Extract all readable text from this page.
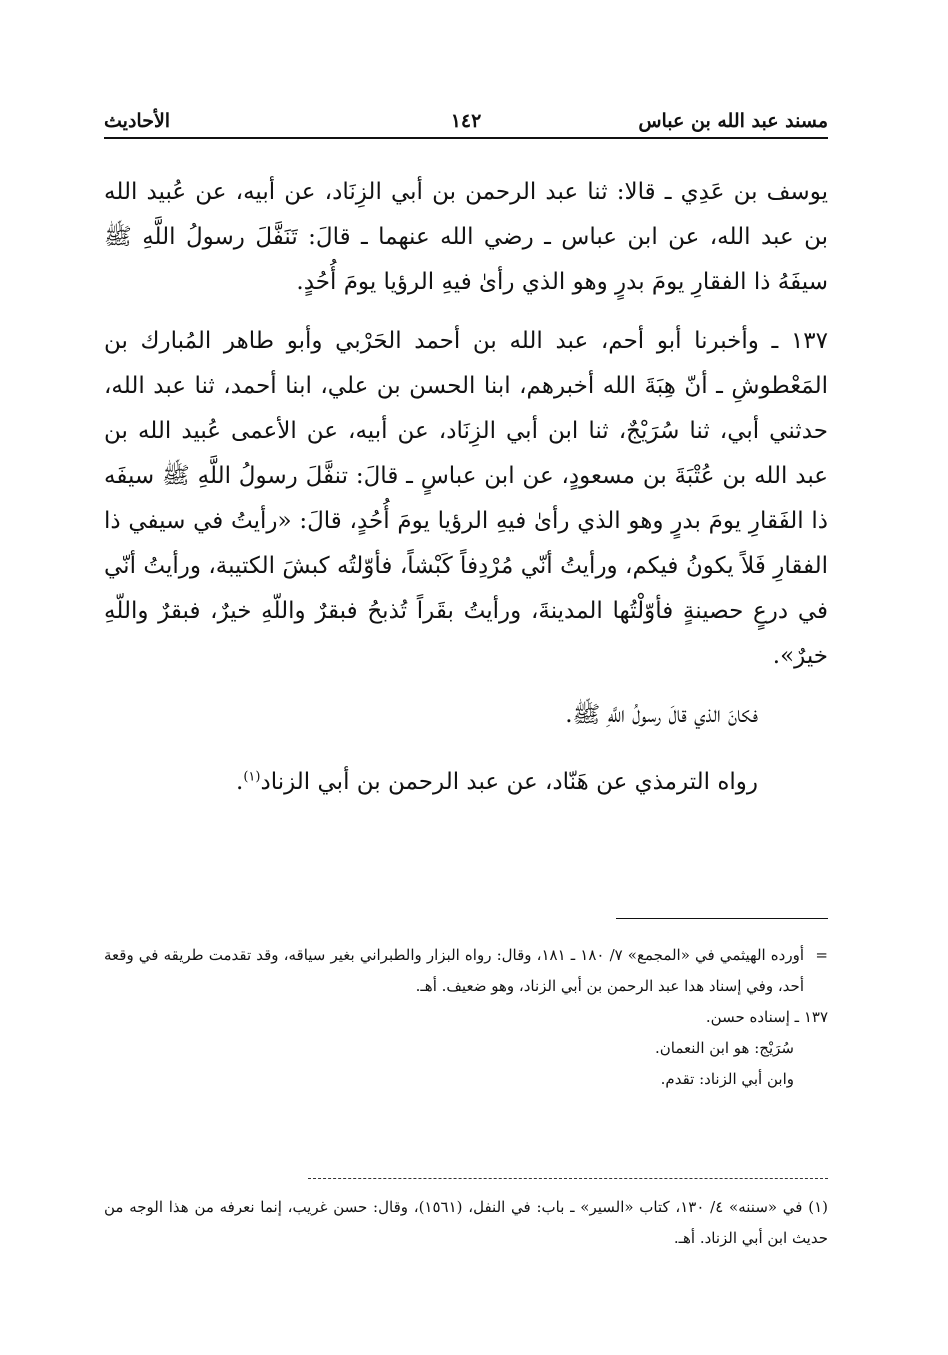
مسند عبد الله بن عباس
١٤٢
الأحاديث

يوسف بن عَدِي ـ قالا: ثنا عبد الرحمن بن أبي الزِنَاد، عن أبيه، عن عُبيد الله بن عبد الله، عن ابن عباس ـ رضي الله عنهما ـ قالَ: تَنَفَّلَ رسولُ اللَّهِ ﷺ سيفَهُ ذا الفقارِ يومَ بدرٍ وهو الذي رأىٰ فيهِ الرؤيا يومَ أُحُدٍ.

١٣٧ ـ وأخبرنا أبو أحم، عبد الله بن أحمد الحَرْبي وأبو طاهر المُبارك بن المَعْطوشِ ـ أنّ هِبَةَ الله أخبرهم، ابنا الحسن بن علي، ابنا أحمد، ثنا عبد الله، حدثني أبي، ثنا سُرَيْجٌ، ثنا ابن أبي الزِنَاد، عن أبيه، عن الأعمى عُبيد الله بن عبد الله بن عُتْبَةَ بن مسعودٍ، عن ابن عباسٍ ـ قالَ: تنفَّلَ رسولُ اللَّهِ ﷺ سيفَه ذا الفَقارِ يومَ بدرٍ وهو الذي رأىٰ فيهِ الرؤيا يومَ أُحُدٍ، قالَ: «رأيتُ في سيفي ذا الفقارِ فَلاً يكونُ فيكم، ورأيتُ أنّي مُرْدِفاً كَبْشاً، فأوّلتُه كبشَ الكتيبة، ورأيتُ أنّي في درعٍ حصينةٍ فأوّلْتُها المدينةَ، ورأيتُ بقَراً تُذبحُ فبقرٌ واللّهِ خيرٌ، فبقرٌ واللّهِ خيرٌ».

فكانَ الذي قالَ رسولُ اللَّهِ ﷺ.

رواه الترمذي عن هَنّاد، عن عبد الرحمن بن أبي الزناد$^{(١)}$.

=
أورده الهيثمي في «المجمع» ٧/ ١٨٠ ـ ١٨١، وقال: رواه البزار والطبراني بغير سياقه، وقد تقدمت طريقه في وقعة أحد، وفي إسناد هدا عبد الرحمن بن أبي الزناد، وهو ضعيف. أهـ.

١٣٧ ـ إسناده حسن.

سُرَيْج: هو ابن النعمان.

وابن أبي الزناد: تقدم.

(١) في «سننه» ٤/ ١٣٠، كتاب «السير» ـ باب: في النفل، (١٥٦١)، وقال: حسن غريب، إنما نعرفه من هذا الوجه من حديث ابن أبي الزناد. أهـ.
